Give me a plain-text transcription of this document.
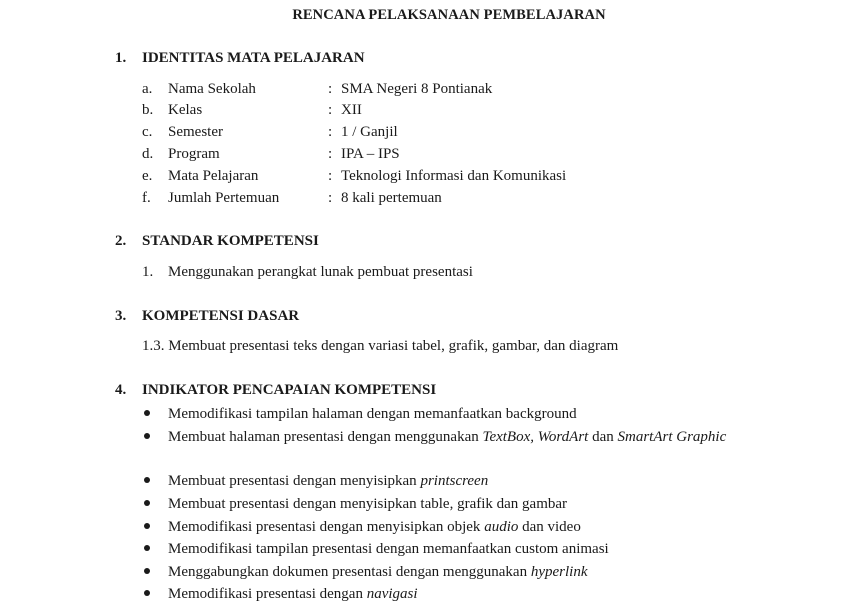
RENCANA PELAKSANAAN PEMBELAJARAN
1. IDENTITAS MATA PELAJARAN
a. Nama Sekolah	: SMA Negeri 8 Pontianak
b. Kelas	: XII
c. Semester	: 1 / Ganjil
d. Program	: IPA – IPS
e. Mata Pelajaran	: Teknologi Informasi dan Komunikasi
f. Jumlah Pertemuan	: 8 kali pertemuan
2. STANDAR KOMPETENSI
1. Menggunakan perangkat lunak pembuat presentasi
3. KOMPETENSI DASAR
1.3. Membuat presentasi teks dengan variasi tabel, grafik, gambar, dan diagram
4. INDIKATOR PENCAPAIAN KOMPETENSI
Memodifikasi tampilan halaman dengan memanfaatkan background
Membuat halaman presentasi dengan menggunakan TextBox, WordArt dan SmartArt Graphic
Membuat presentasi dengan menyisipkan printscreen
Membuat presentasi dengan menyisipkan table, grafik dan gambar
Memodifikasi presentasi dengan menyisipkan objek audio dan video
Memodifikasi tampilan presentasi dengan memanfaatkan custom animasi
Menggabungkan dokumen presentasi dengan menggunakan hyperlink
Memodifikasi presentasi dengan navigasi
